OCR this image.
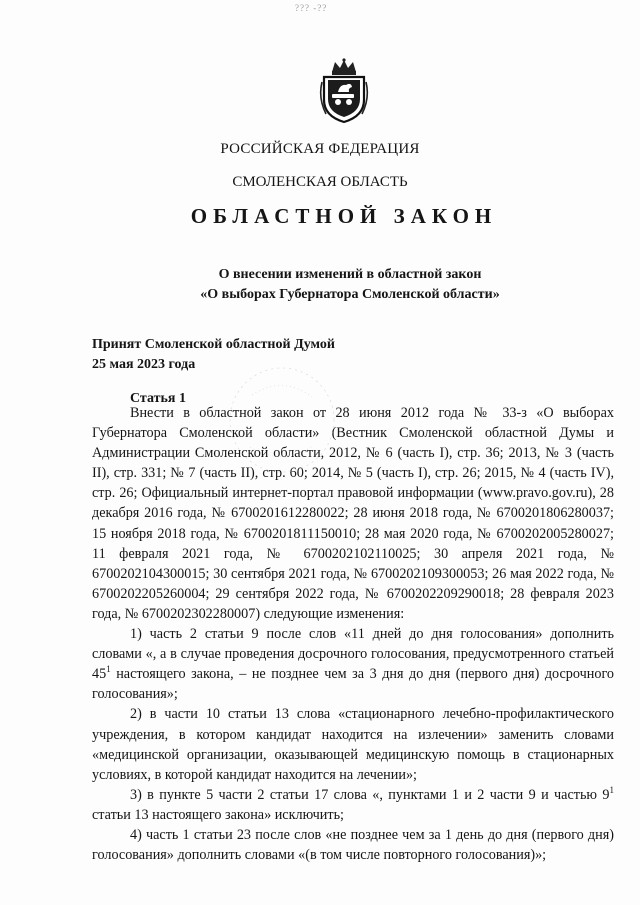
??? -??
РОССИЙСКАЯ ФЕДЕРАЦИЯ
СМОЛЕНСКАЯ ОБЛАСТЬ
ОБЛАСТНОЙ ЗАКОН
О внесении изменений в областной закон
«О выборах Губернатора Смоленской области»
Принят Смоленской областной Думой
25 мая 2023 года
Статья 1

Внести в областной закон от 28 июня 2012 года № 33-з «О выборах Губернатора Смоленской области» (Вестник Смоленской областной Думы и Администрации Смоленской области, 2012, № 6 (часть I), стр. 36; 2013, № 3 (часть II), стр. 331; № 7 (часть II), стр. 60; 2014, № 5 (часть I), стр. 26; 2015, № 4 (часть IV), стр. 26; Официальный интернет-портал правовой информации (www.pravo.gov.ru), 28 декабря 2016 года, № 6700201612280022; 28 июня 2018 года, № 6700201806280037; 15 ноября 2018 года, № 6700201811150010; 28 мая 2020 года, № 6700202005280027; 11 февраля 2021 года, № 6700202102110025; 30 апреля 2021 года, № 6700202104300015; 30 сентября 2021 года, № 6700202109300053; 26 мая 2022 года, № 6700202205260004; 29 сентября 2022 года, № 6700202209290018; 28 февраля 2023 года, № 6700202302280007) следующие изменения:

1) часть 2 статьи 9 после слов «11 дней до дня голосования» дополнить словами «, а в случае проведения досрочного голосования, предусмотренного статьей $45^1$ настоящего закона, – не позднее чем за 3 дня до дня (первого дня) досрочного голосования»;

2) в части 10 статьи 13 слова «стационарного лечебно-профилактического учреждения, в котором кандидат находится на излечении» заменить словами «медицинской организации, оказывающей медицинскую помощь в стационарных условиях, в которой кандидат находится на лечении»;

3) в пункте 5 части 2 статьи 17 слова «, пунктами 1 и 2 части 9 и частью $9^1$ статьи 13 настоящего закона» исключить;

4) часть 1 статьи 23 после слов «не позднее чем за 1 день до дня (первого дня) голосования» дополнить словами «(в том числе повторного голосования)»;
